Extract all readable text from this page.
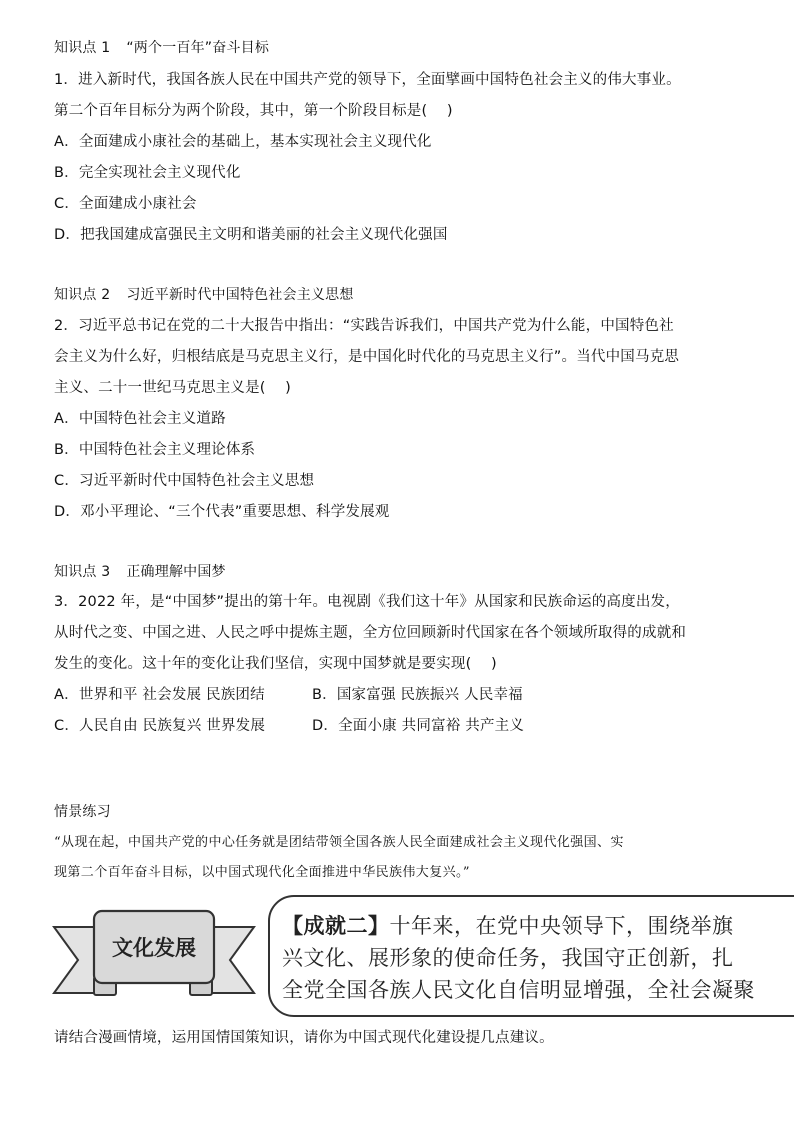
知识点 1 “两个一百年”奋斗目标
1．进入新时代，我国各族人民在中国共产党的领导下，全面擘画中国特色社会主义的伟大事业。
第二个百年目标分为两个阶段，其中，第一个阶段目标是(　 )
A．全面建成小康社会的基础上，基本实现社会主义现代化
B．完全实现社会主义现代化
C．全面建成小康社会
D．把我国建成富强民主文明和谐美丽的社会主义现代化强国
知识点 2 习近平新时代中国特色社会主义思想
2．习近平总书记在党的二十大报告中指出：“实践告诉我们，中国共产党为什么能，中国特色社
会主义为什么好，归根结底是马克思主义行，是中国化时代化的马克思主义行”。当代中国马克思
主义、二十一世纪马克思主义是(　 )
A．中国特色社会主义道路
B．中国特色社会主义理论体系
C．习近平新时代中国特色社会主义思想
D．邓小平理论、“三个代表”重要思想、科学发展观
知识点 3 正确理解中国梦
3．2022 年，是“中国梦”提出的第十年。电视剧《我们这十年》从国家和民族命运的高度出发，
从时代之变、中国之进、人民之呼中提炼主题，全方位回顾新时代国家在各个领域所取得的成就和
发生的变化。这十年的变化让我们坚信，实现中国梦就是要实现(　 )
A．世界和平 社会发展 民族团结	B．国家富强 民族振兴 人民幸福
C．人民自由 民族复兴 世界发展	D．全面小康 共同富裕 共产主义
情景练习
“从现在起，中国共产党的中心任务就是团结带领全国各族人民全面建成社会主义现代化强国、实
现第二个百年奋斗目标，以中国式现代化全面推进中华民族伟大复兴。”
文化发展
【成就二】十年来，在党中央领导下，围绕举旗
兴文化、展形象的使命任务，我国守正创新，扎
全党全国各族人民文化自信明显增强，全社会凝聚
请结合漫画情境，运用国情国策知识，请你为中国式现代化建设提几点建议。
